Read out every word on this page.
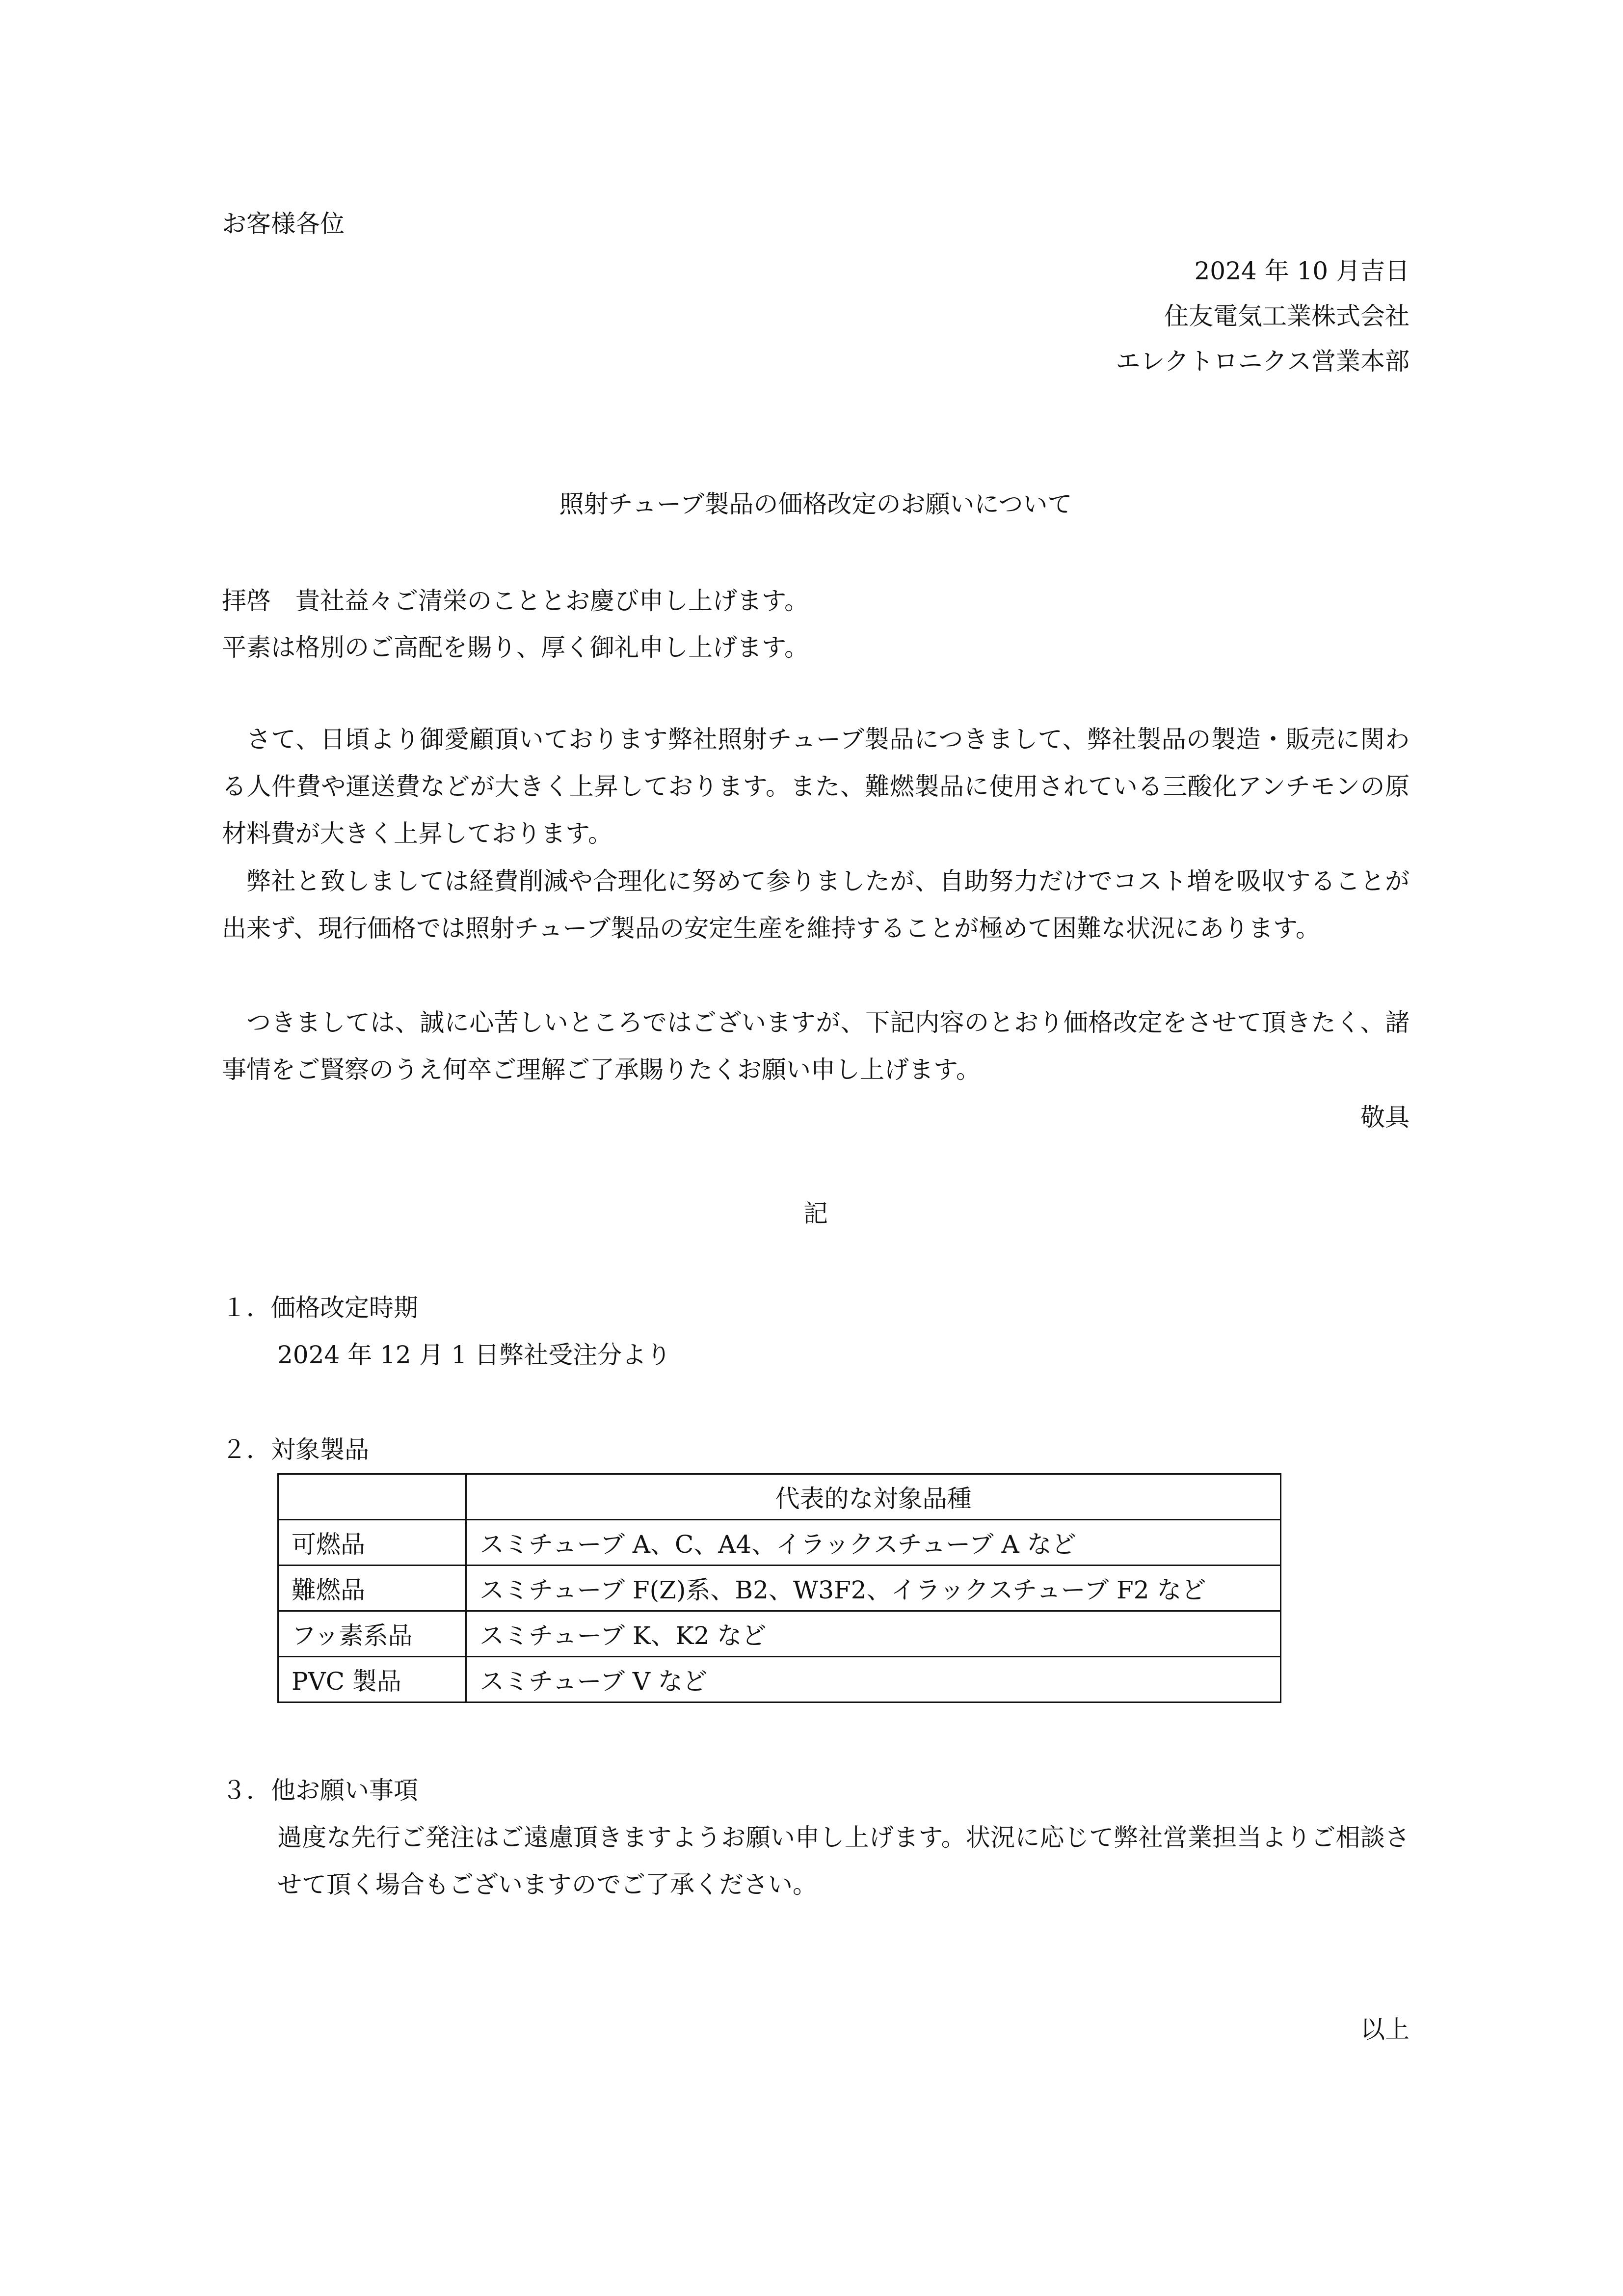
お客様各位
2024 年 10 月吉日
住友電気工業株式会社
エレクトロニクス営業本部
照射チューブ製品の価格改定のお願いについて
拝啓　貴社益々ご清栄のこととお慶び申し上げます。
平素は格別のご高配を賜り、厚く御礼申し上げます。
さて、日頃より御愛顧頂いております弊社照射チューブ製品につきまして、弊社製品の製造・販売に関わる人件費や運送費などが大きく上昇しております。また、難燃製品に使用されている三酸化アンチモンの原材料費が大きく上昇しております。
弊社と致しましては経費削減や合理化に努めて参りましたが、自助努力だけでコスト増を吸収することが出来ず、現行価格では照射チューブ製品の安定生産を維持することが極めて困難な状況にあります。
つきましては、誠に心苦しいところではございますが、下記内容のとおり価格改定をさせて頂きたく、諸事情をご賢察のうえ何卒ご理解ご了承賜りたくお願い申し上げます。
敬具
記
１．価格改定時期
2024 年 12 月 1 日弊社受注分より
２．対象製品
	代表的な対象品種
可燃品	スミチューブ A、C、A4、イラックスチューブ A など
難燃品	スミチューブ F(Z)系、B2、W3F2、イラックスチューブ F2 など
フッ素系品	スミチューブ K、K2 など
PVC 製品	スミチューブ V など
３．他お願い事項
過度な先行ご発注はご遠慮頂きますようお願い申し上げます。状況に応じて弊社営業担当よりご相談させて頂く場合もございますのでご了承ください。
以上
